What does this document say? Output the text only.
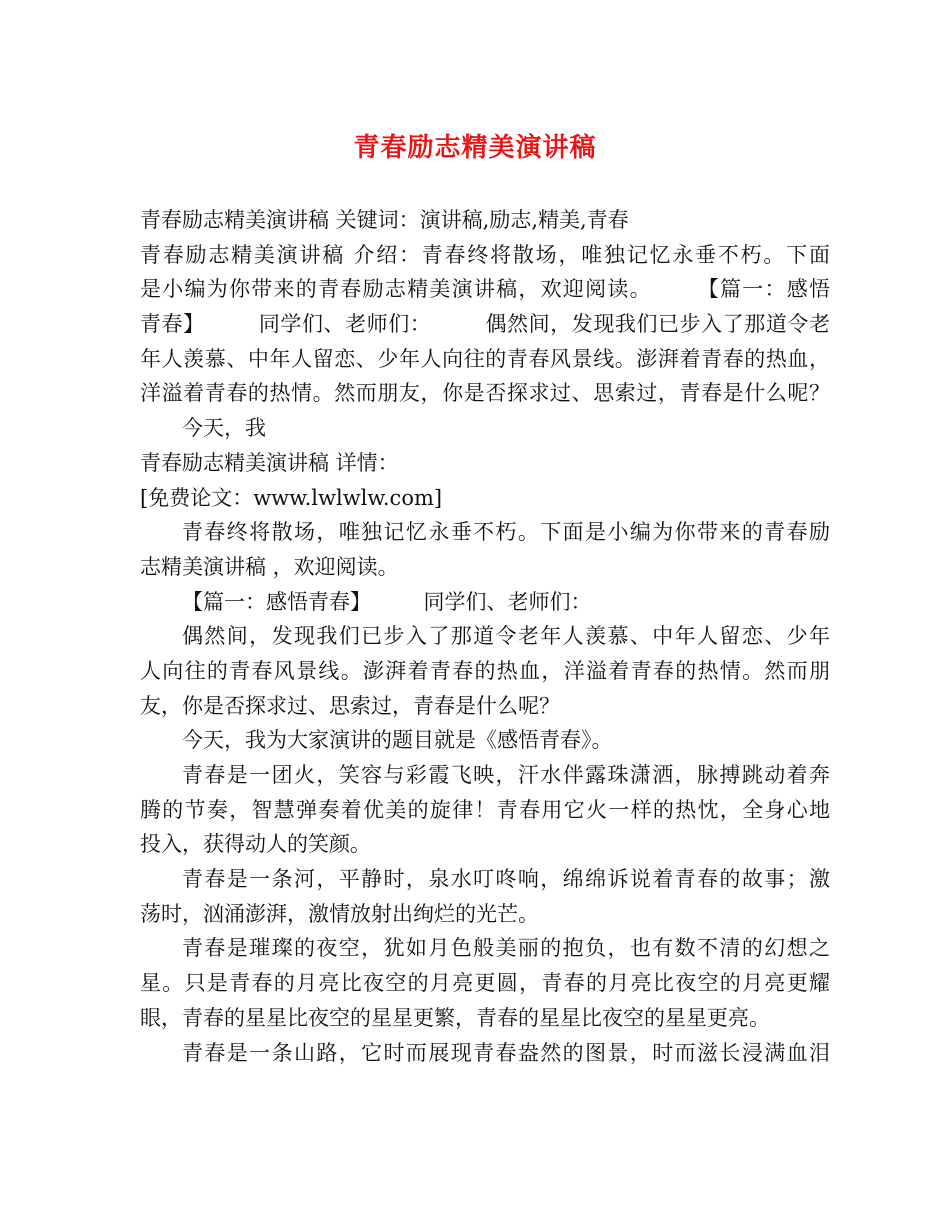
青春励志精美演讲稿
青春励志精美演讲稿 关键词：演讲稿,励志,精美,青春
青春励志精美演讲稿 介绍：青春终将散场，唯独记忆永垂不朽。下面
是小编为你带来的青春励志精美演讲稿，欢迎阅读。　　　【篇一：感悟
青春】　　　同学们、老师们：　　　偶然间，发现我们已步入了那道令老
年人羡慕、中年人留恋、少年人向往的青春风景线。澎湃着青春的热血，
洋溢着青春的热情。然而朋友，你是否探求过、思索过，青春是什么呢？
今天，我
青春励志精美演讲稿 详情：
[免费论文：www.lwlwlw.com]
青春终将散场，唯独记忆永垂不朽。下面是小编为你带来的青春励
志精美演讲稿 ，欢迎阅读。
【篇一：感悟青春】　　　同学们、老师们：
偶然间，发现我们已步入了那道令老年人羡慕、中年人留恋、少年
人向往的青春风景线。澎湃着青春的热血，洋溢着青春的热情。然而朋
友，你是否探求过、思索过，青春是什么呢？
今天，我为大家演讲的题目就是《感悟青春》。
青春是一团火，笑容与彩霞飞映，汗水伴露珠潇洒，脉搏跳动着奔
腾的节奏，智慧弹奏着优美的旋律！青春用它火一样的热忱，全身心地
投入，获得动人的笑颜。
青春是一条河，平静时，泉水叮咚响，绵绵诉说着青春的故事；激
荡时，汹涌澎湃，激情放射出绚烂的光芒。
青春是璀璨的夜空，犹如月色般美丽的抱负，也有数不清的幻想之
星。只是青春的月亮比夜空的月亮更圆，青春的月亮比夜空的月亮更耀
眼，青春的星星比夜空的星星更繁，青春的星星比夜空的星星更亮。
青春是一条山路，它时而展现青春盎然的图景，时而滋长浸满血泪
